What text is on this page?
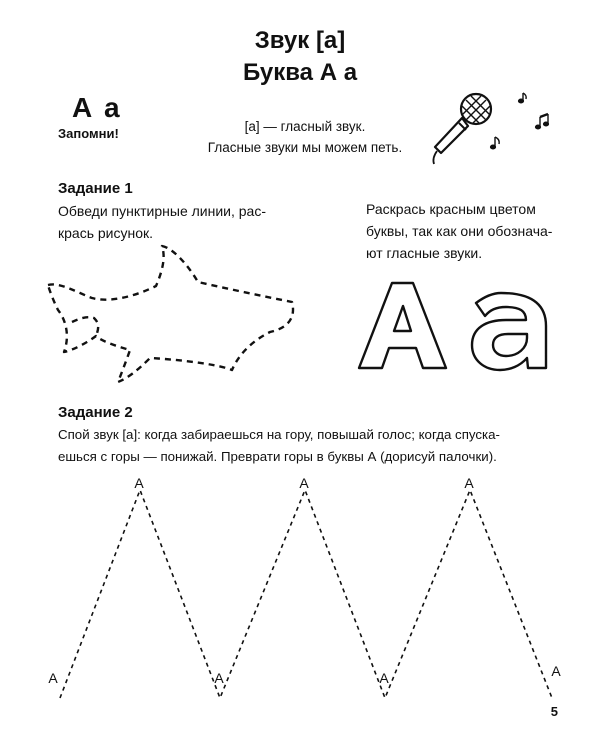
Звук [а]
Буква А а
А а
Запомни!	[а] — гласный звук.
Гласные звуки мы можем петь.
Задание 1
Обведи пунктирные линии, рас-
крась рисунок.
Раскрась красным цветом
буквы, так как они обозначa-
ют гласные звуки.
Задание 2
Спой звук [а]: когда забираешься на гору, повышай голос; когда спуска-
ешься с горы — понижай. Преврати горы в буквы А (дорисуй палочки).
А
А
А
А
А
А
А
5
